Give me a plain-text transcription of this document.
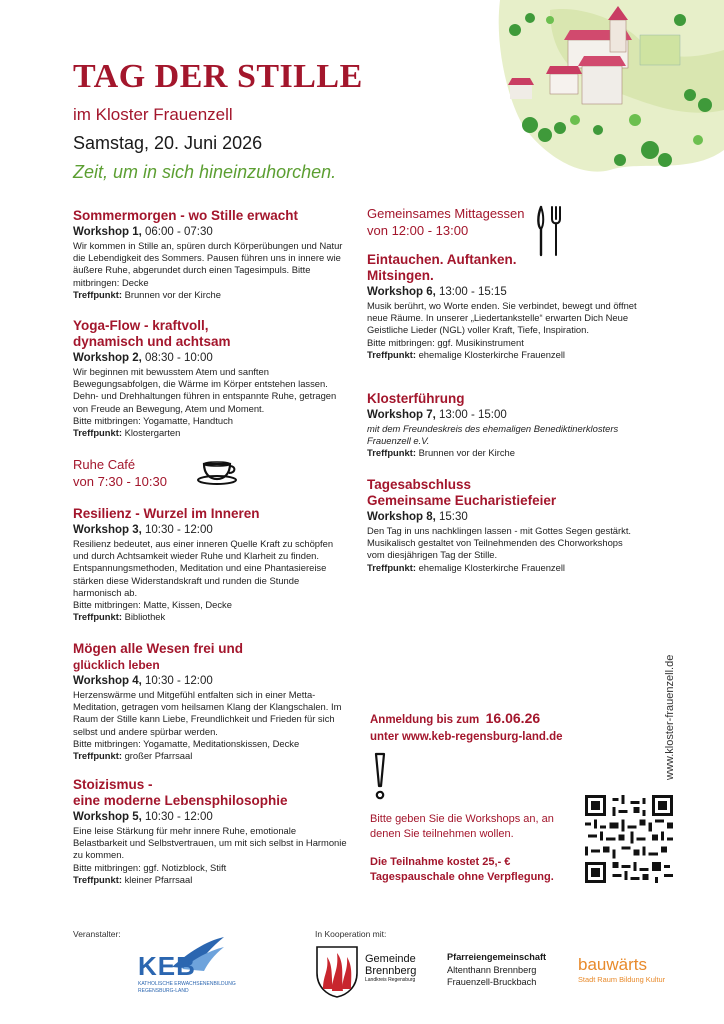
TAG DER STILLE
im Kloster Frauenzell
Samstag, 20. Juni 2026
Zeit, um in sich hineinzuhorchen.
Sommermorgen - wo Stille erwacht
Workshop 1, 06:00 - 07:30

Wir kommen in Stille an, spüren durch Körperübungen und Natur die Lebendigkeit des Sommers. Pausen führen uns in innere wie äußere Ruhe, abgerundet durch einen Tagesimpuls. Bitte mitbringen: Decke

Treffpunkt: Brunnen vor der Kirche

Yoga-Flow - kraftvoll,
dynamisch und achtsam
Workshop 2, 08:30 - 10:00

Wir beginnen mit bewusstem Atem und sanften Bewegungsabfolgen, die Wärme im Körper entstehen lassen. Dehn- und Drehhaltungen führen in entspannte Ruhe, getragen von Freude an Bewegung, Atem und Moment.

Bitte mitbringen: Yogamatte, Handtuch

Treffpunkt: Klostergarten

Ruhe Café
von 7:30 - 10:30
Resilienz - Wurzel im Inneren
Workshop 3, 10:30 - 12:00

Resilienz bedeutet, aus einer inneren Quelle Kraft zu schöpfen und durch Achtsamkeit wieder Ruhe und Klarheit zu finden. Entspannungsmethoden, Meditation und eine Phantasiereise stärken diese Widerstandskraft und runden die Stunde harmonisch ab.

Bitte mitbringen: Matte, Kissen, Decke

Treffpunkt: Bibliothek

Mögen alle Wesen frei und
glücklich leben
Workshop 4, 10:30 - 12:00

Herzenswärme und Mitgefühl entfalten sich in einer Metta-Meditation, getragen vom heilsamen Klang der Klangschalen. Im Raum der Stille kann Liebe, Freundlichkeit und Frieden für sich selbst und andere spürbar werden.

Bitte mitbringen: Yogamatte, Meditationskissen, Decke

Treffpunkt: großer Pfarrsaal

Stoizismus -
eine moderne Lebensphilosophie
Workshop 5, 10:30 - 12:00

Eine leise Stärkung für mehr innere Ruhe, emotionale Belastbarkeit und Selbstvertrauen, um mit sich selbst in Harmonie zu kommen.

Bitte mitbringen: ggf. Notizblock, Stift

Treffpunkt: kleiner Pfarrsaal

Gemeinsames Mittagessen
von 12:00 - 13:00
Eintauchen. Auftanken.
Mitsingen.
Workshop 6, 13:00 - 15:15

Musik berührt, wo Worte enden. Sie verbindet, bewegt und öffnet neue Räume. In unserer „Liedertankstelle“ erwarten Dich Neue Geistliche Lieder (NGL) voller Kraft, Tiefe, Inspiration.

Bitte mitbringen: ggf. Musikinstrument

Treffpunkt: ehemalige Klosterkirche Frauenzell

Klosterführung
Workshop 7, 13:00 - 15:00

mit dem Freundeskreis des ehemaligen Benediktinerklosters Frauenzell e.V.

Treffpunkt: Brunnen vor der Kirche

Tagesabschluss
Gemeinsame Eucharistiefeier
Workshop 8, 15:30

Den Tag in uns nachklingen lassen - mit Gottes Segen gestärkt. Musikalisch gestaltet von Teilnehmenden des Chorworkshops vom diesjährigen Tag der Stille.

Treffpunkt: ehemalige Klosterkirche Frauenzell

Anmeldung bis zum 16.06.26
unter www.keb-regensburg-land.de
Bitte geben Sie die Workshops an, an denen Sie teilnehmen wollen.
Die Teilnahme kostet 25,- € Tagespauschale ohne Verpflegung.
www.kloster-frauenzell.de
Veranstalter:	In Kooperation mit:
KEB
KATHOLISCHE ERWACHSENENBILDUNG
REGENSBURG-LAND
Gemeinde
Brennberg
Landkreis Regensburg
Pfarreiengemeinschaft
Altenthann Brennberg
Frauenzell-Bruckbach
bauwärts
Stadt Raum Bildung Kultur
